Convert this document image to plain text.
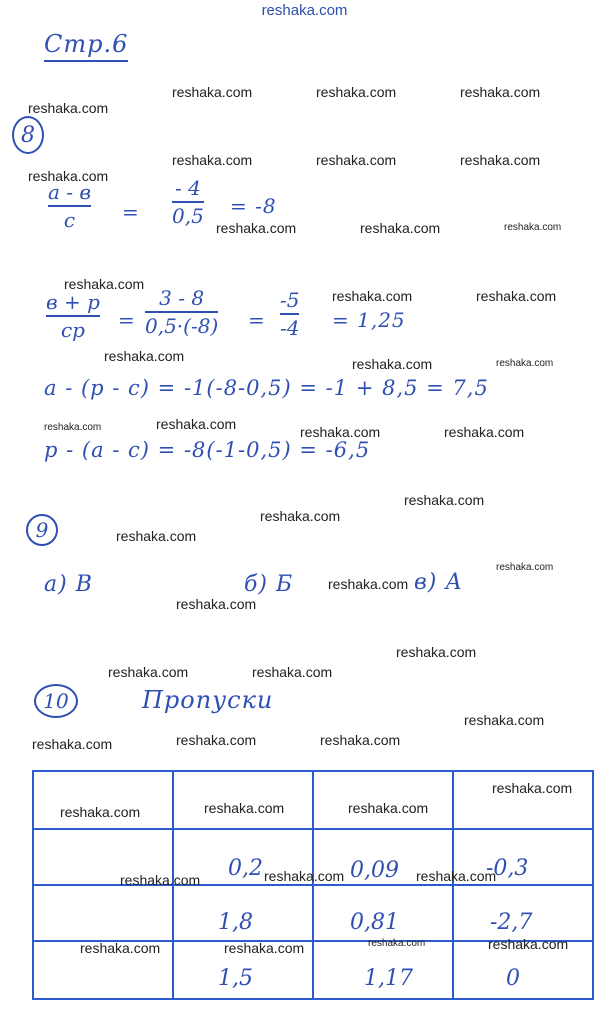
reshaka.com
Стр.6
8
a - в
c =
- 4
0,5 = -8
в + p
cp =
3 - 8
0,5·(-8) =
-5
-4 = 1,25
a - (p - c) = -1(-8-0,5) = -1 + 8,5 = 7,5
p - (a - c) = -8(-1-0,5) = -6,5
9
а) В	б) Б	в) А
10	Пропуски
0,2	0,09	-0,3
1,8	0,81	-2,7
1,5	1,17	0
reshaka.com
reshaka.com	reshaka.com	reshaka.com
reshaka.com
reshaka.com	reshaka.com	reshaka.com
reshaka.com	reshaka.com	reshaka.com
reshaka.com
reshaka.com	reshaka.com
reshaka.com	reshaka.com	reshaka.com
reshaka.com	reshaka.com	reshaka.com	reshaka.com
reshaka.com
reshaka.com
reshaka.com
reshaka.com
reshaka.com
reshaka.com
reshaka.com
reshaka.com	reshaka.com
reshaka.com
reshaka.com	reshaka.com	reshaka.com
reshaka.com
reshaka.com	reshaka.com	reshaka.com
reshaka.com	reshaka.com	reshaka.com
reshaka.com	reshaka.com	reshaka.com	reshaka.com
